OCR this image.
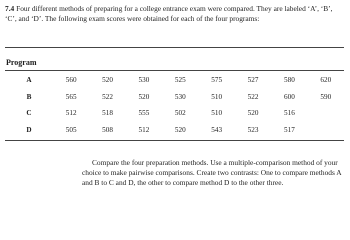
7.4 Four different methods of preparing for a college entrance exam were compared. They are labeled ‘A’, ‘B’, ‘C’, and ‘D’. The following exam scores were obtained for each of the four programs:
Program
A	560	520	530	525	575	527	580	620
B	565	522	520	530	510	522	600	590
C	512	518	555	502	510	520	516	
D	505	508	512	520	543	523	517	
Compare the four preparation methods. Use a multiple-comparison method of your choice to make pairwise comparisons. Create two contrasts: One to compare methods A and B to C and D, the other to compare method D to the other three.
